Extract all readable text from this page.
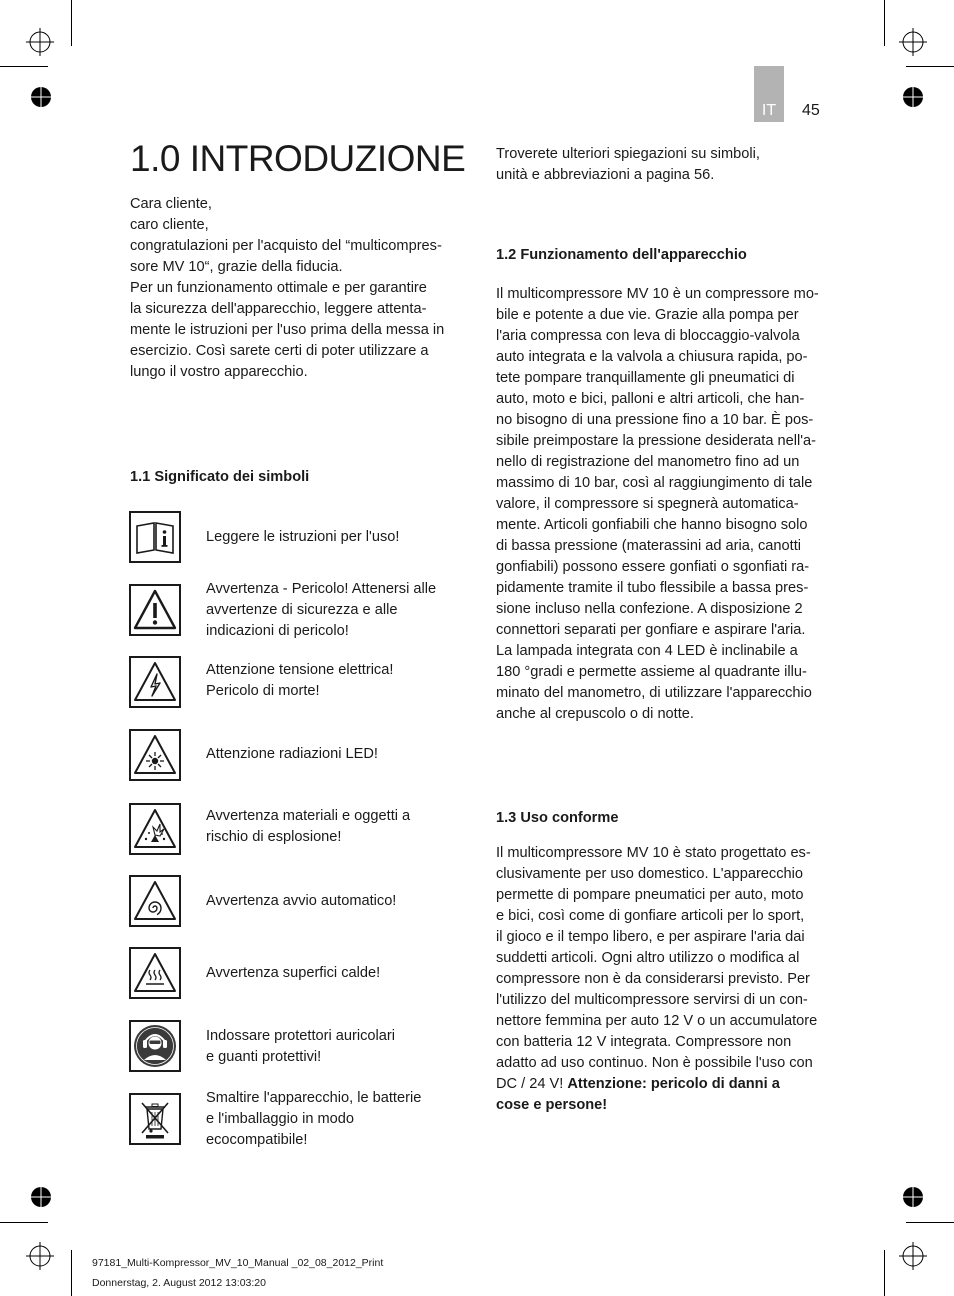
IT	45
1.0 INTRODUZIONE

Cara cliente,

caro cliente,

congratulazioni per l'acquisto del “multicompres-

sore MV 10“, grazie della fiducia.

Per un funzionamento ottimale e per garantire

la sicurezza dell'apparecchio, leggere attenta-

mente le istruzioni per l'uso prima della messa in

esercizio. Così sarete certi di poter utilizzare a

lungo il vostro apparecchio.

1.1 Significato dei simboli

Leggere le istruzioni per l'uso!

Avvertenza - Pericolo! Attenersi alle

avvertenze di sicurezza e alle

indicazioni di pericolo!

Attenzione tensione elettrica!

Pericolo di morte!

Attenzione radiazioni LED!

Avvertenza materiali e oggetti a

rischio di esplosione!

Avvertenza avvio automatico!

Avvertenza superfici calde!

Indossare protettori auricolari

e guanti protettivi!

Smaltire l'apparecchio, le batterie

e l'imballaggio in modo

ecocompatibile!

Troverete ulteriori spiegazioni su simboli,

unità e abbreviazioni a pagina 56.

1.2 Funzionamento dell'apparecchio

Il multicompressore MV 10 è un compressore mo-

bile e potente a due vie. Grazie alla pompa per

l'aria compressa con leva di bloccaggio-valvola

auto integrata e la valvola a chiusura rapida, po-

tete pompare tranquillamente gli pneumatici di

auto, moto e bici, palloni e altri articoli, che han-

no bisogno di una pressione fino a 10 bar. È pos-

sibile preimpostare la pressione desiderata nell'a-

nello di registrazione del manometro fino ad un

massimo di 10 bar, così al raggiungimento di tale

valore, il compressore si spegnerà automatica-

mente. Articoli gonfiabili che hanno bisogno solo

di bassa pressione (materassini ad aria, canotti

gonfiabili) possono essere gonfiati o sgonfiati ra-

pidamente tramite il tubo flessibile a bassa pres-

sione incluso nella confezione. A disposizione 2

connettori separati per gonfiare e aspirare l'aria.

La lampada integrata con 4 LED è inclinabile a

180 °gradi e permette assieme al quadrante illu-

minato del manometro, di utilizzare l'apparecchio

anche al crepuscolo o di notte.

1.3 Uso conforme

Il multicompressore MV 10 è stato progettato es-

clusivamente per uso domestico. L'apparecchio

permette di pompare pneumatici per auto, moto

e bici, così come di gonfiare articoli per lo sport,

il gioco e il tempo libero, e per aspirare l'aria dai

suddetti articoli. Ogni altro utilizzo o modifica al

compressore non è da considerarsi previsto. Per

l'utilizzo del multicompressore servirsi di un con-

nettore femmina per auto 12 V o un accumulatore

con batteria 12 V integrata. Compressore non

adatto ad uso continuo. Non è possibile l'uso con

DC / 24 V! Attenzione: pericolo di danni a

cose e persone!

97181_Multi-Kompressor_MV_10_Manual _02_08_2012_Print
Donnerstag, 2. August 2012 13:03:20
